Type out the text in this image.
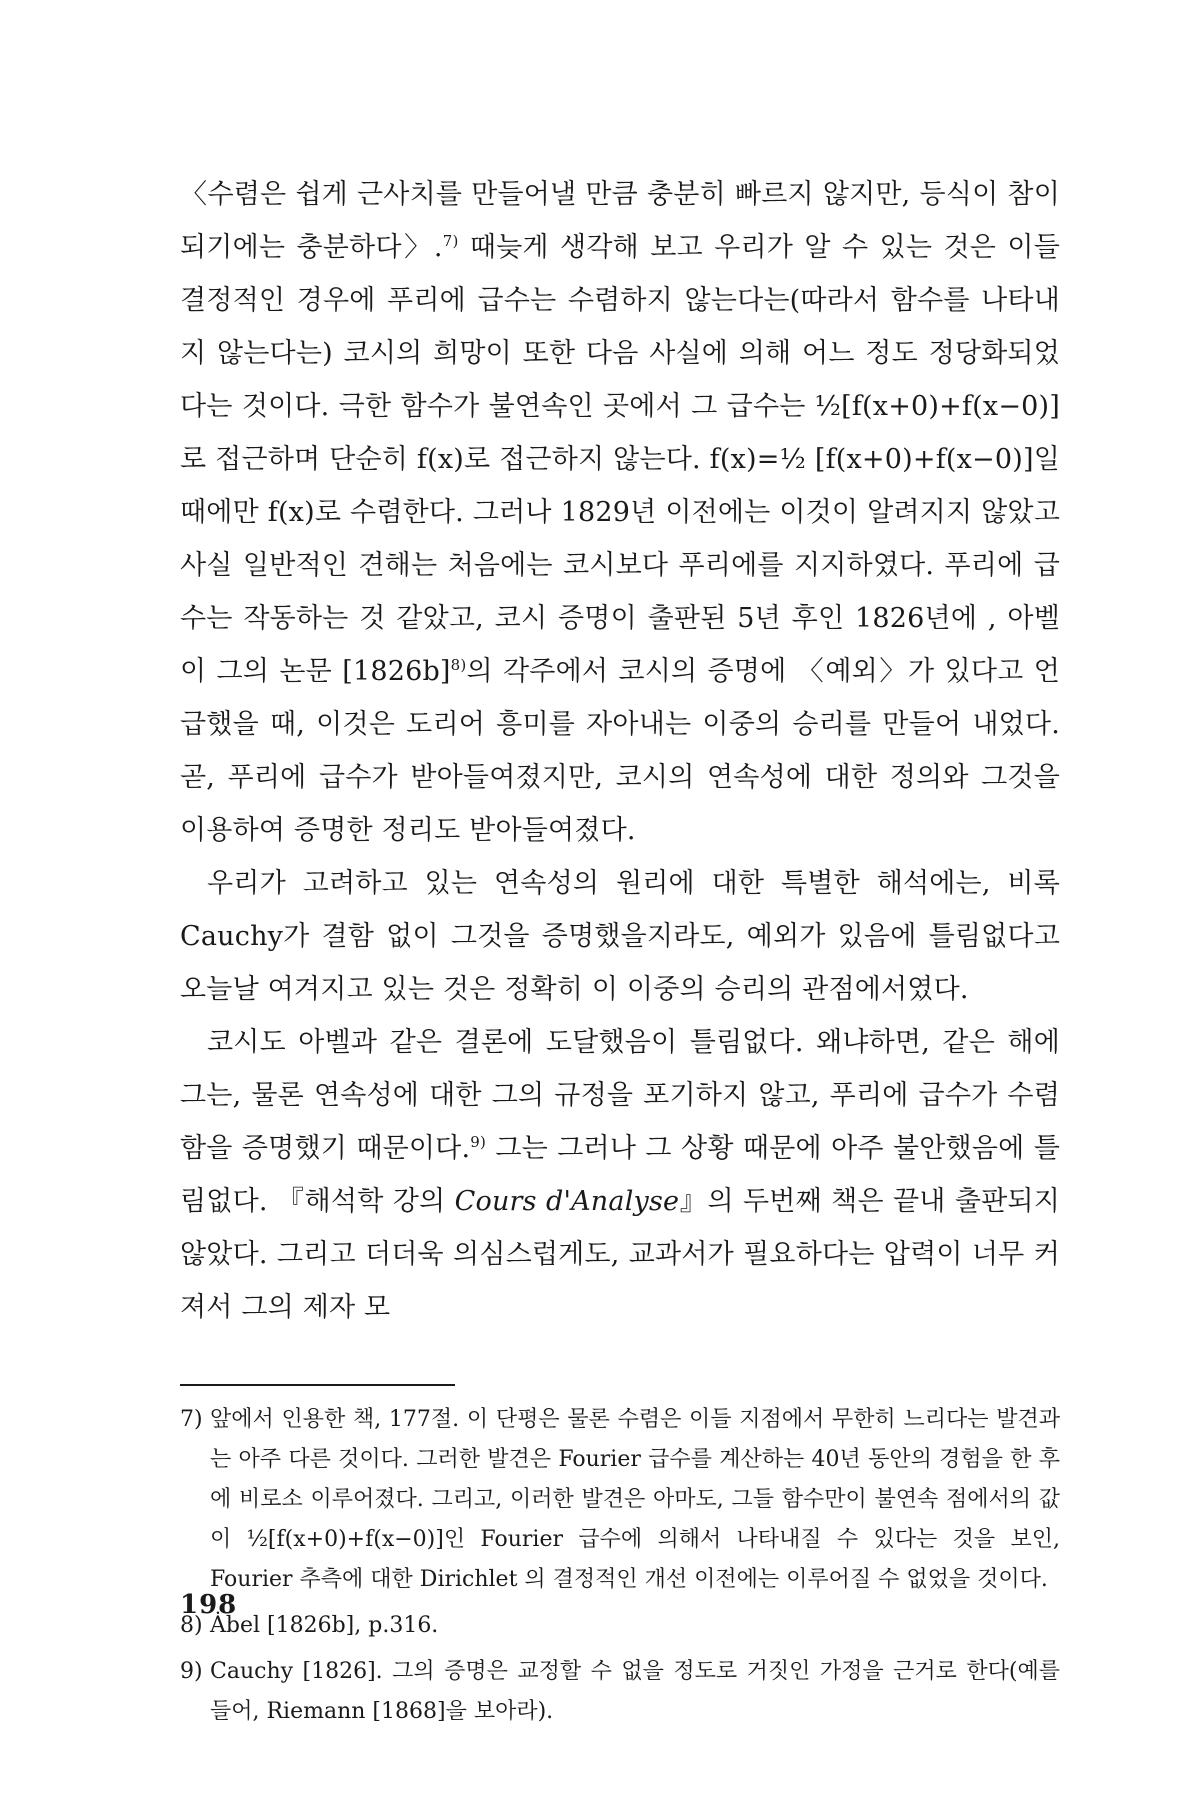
〈수렴은 쉽게 근사치를 만들어낼 만큼 충분히 빠르지 않지만, 등식이 참이 되기에는 충분하다〉.$^{7)}$ 때늦게 생각해 보고 우리가 알 수 있는 것은 이들 결정적인 경우에 푸리에 급수는 수렴하지 않는다는(따라서 함수를 나타내지 않는다는) 코시의 희망이 또한 다음 사실에 의해 어느 정도 정당화되었다는 것이다. 극한 함수가 불연속인 곳에서 그 급수는 ½[f(x+0)+f(x−0)]로 접근하며 단순히 f(x)로 접근하지 않는다. f(x)=½ [f(x+0)+f(x−0)]일 때에만 f(x)로 수렴한다. 그러나 1829년 이전에는 이것이 알려지지 않았고 사실 일반적인 견해는 처음에는 코시보다 푸리에를 지지하였다. 푸리에 급수는 작동하는 것 같았고, 코시 증명이 출판된 5년 후인 1826년에 , 아벨이 그의 논문 $[1826b]^{8)}$의 각주에서 코시의 증명에 〈예외〉가 있다고 언급했을 때, 이것은 도리어 흥미를 자아내는 이중의 승리를 만들어 내었다. 곧, 푸리에 급수가 받아들여졌지만, 코시의 연속성에 대한 정의와 그것을 이용하여 증명한 정리도 받아들여졌다.

우리가 고려하고 있는 연속성의 원리에 대한 특별한 해석에는, 비록 Cauchy가 결함 없이 그것을 증명했을지라도, 예외가 있음에 틀림없다고 오늘날 여겨지고 있는 것은 정확히 이 이중의 승리의 관점에서였다.

코시도 아벨과 같은 결론에 도달했음이 틀림없다. 왜냐하면, 같은 해에 그는, 물론 연속성에 대한 그의 규정을 포기하지 않고, 푸리에 급수가 수렴함을 증명했기 때문이다.$^{9)}$ 그는 그러나 그 상황 때문에 아주 불안했음에 틀림없다. 『해석학 강의 Cours d'Analyse』의 두번째 책은 끝내 출판되지 않았다. 그리고 더더욱 의심스럽게도, 교과서가 필요하다는 압력이 너무 커져서 그의 제자 모

7) 앞에서 인용한 책, 177절. 이 단평은 물론 수렴은 이들 지점에서 무한히 느리다는 발견과는 아주 다른 것이다. 그러한 발견은 Fourier 급수를 계산하는 40년 동안의 경험을 한 후에 비로소 이루어졌다. 그리고, 이러한 발견은 아마도, 그들 함수만이 불연속 점에서의 값이 ½[f(x+0)+f(x−0)]인 Fourier 급수에 의해서 나타내질 수 있다는 것을 보인, Fourier 추측에 대한 Dirichlet 의 결정적인 개선 이전에는 이루어질 수 없었을 것이다.
8) Ȧbel [1826b], p.316.
9) Cauchy [1826]. 그의 증명은 교정할 수 없을 정도로 거짓인 가정을 근거로 한다(예를 들어, Riemann [1868]을 보아라).
198
